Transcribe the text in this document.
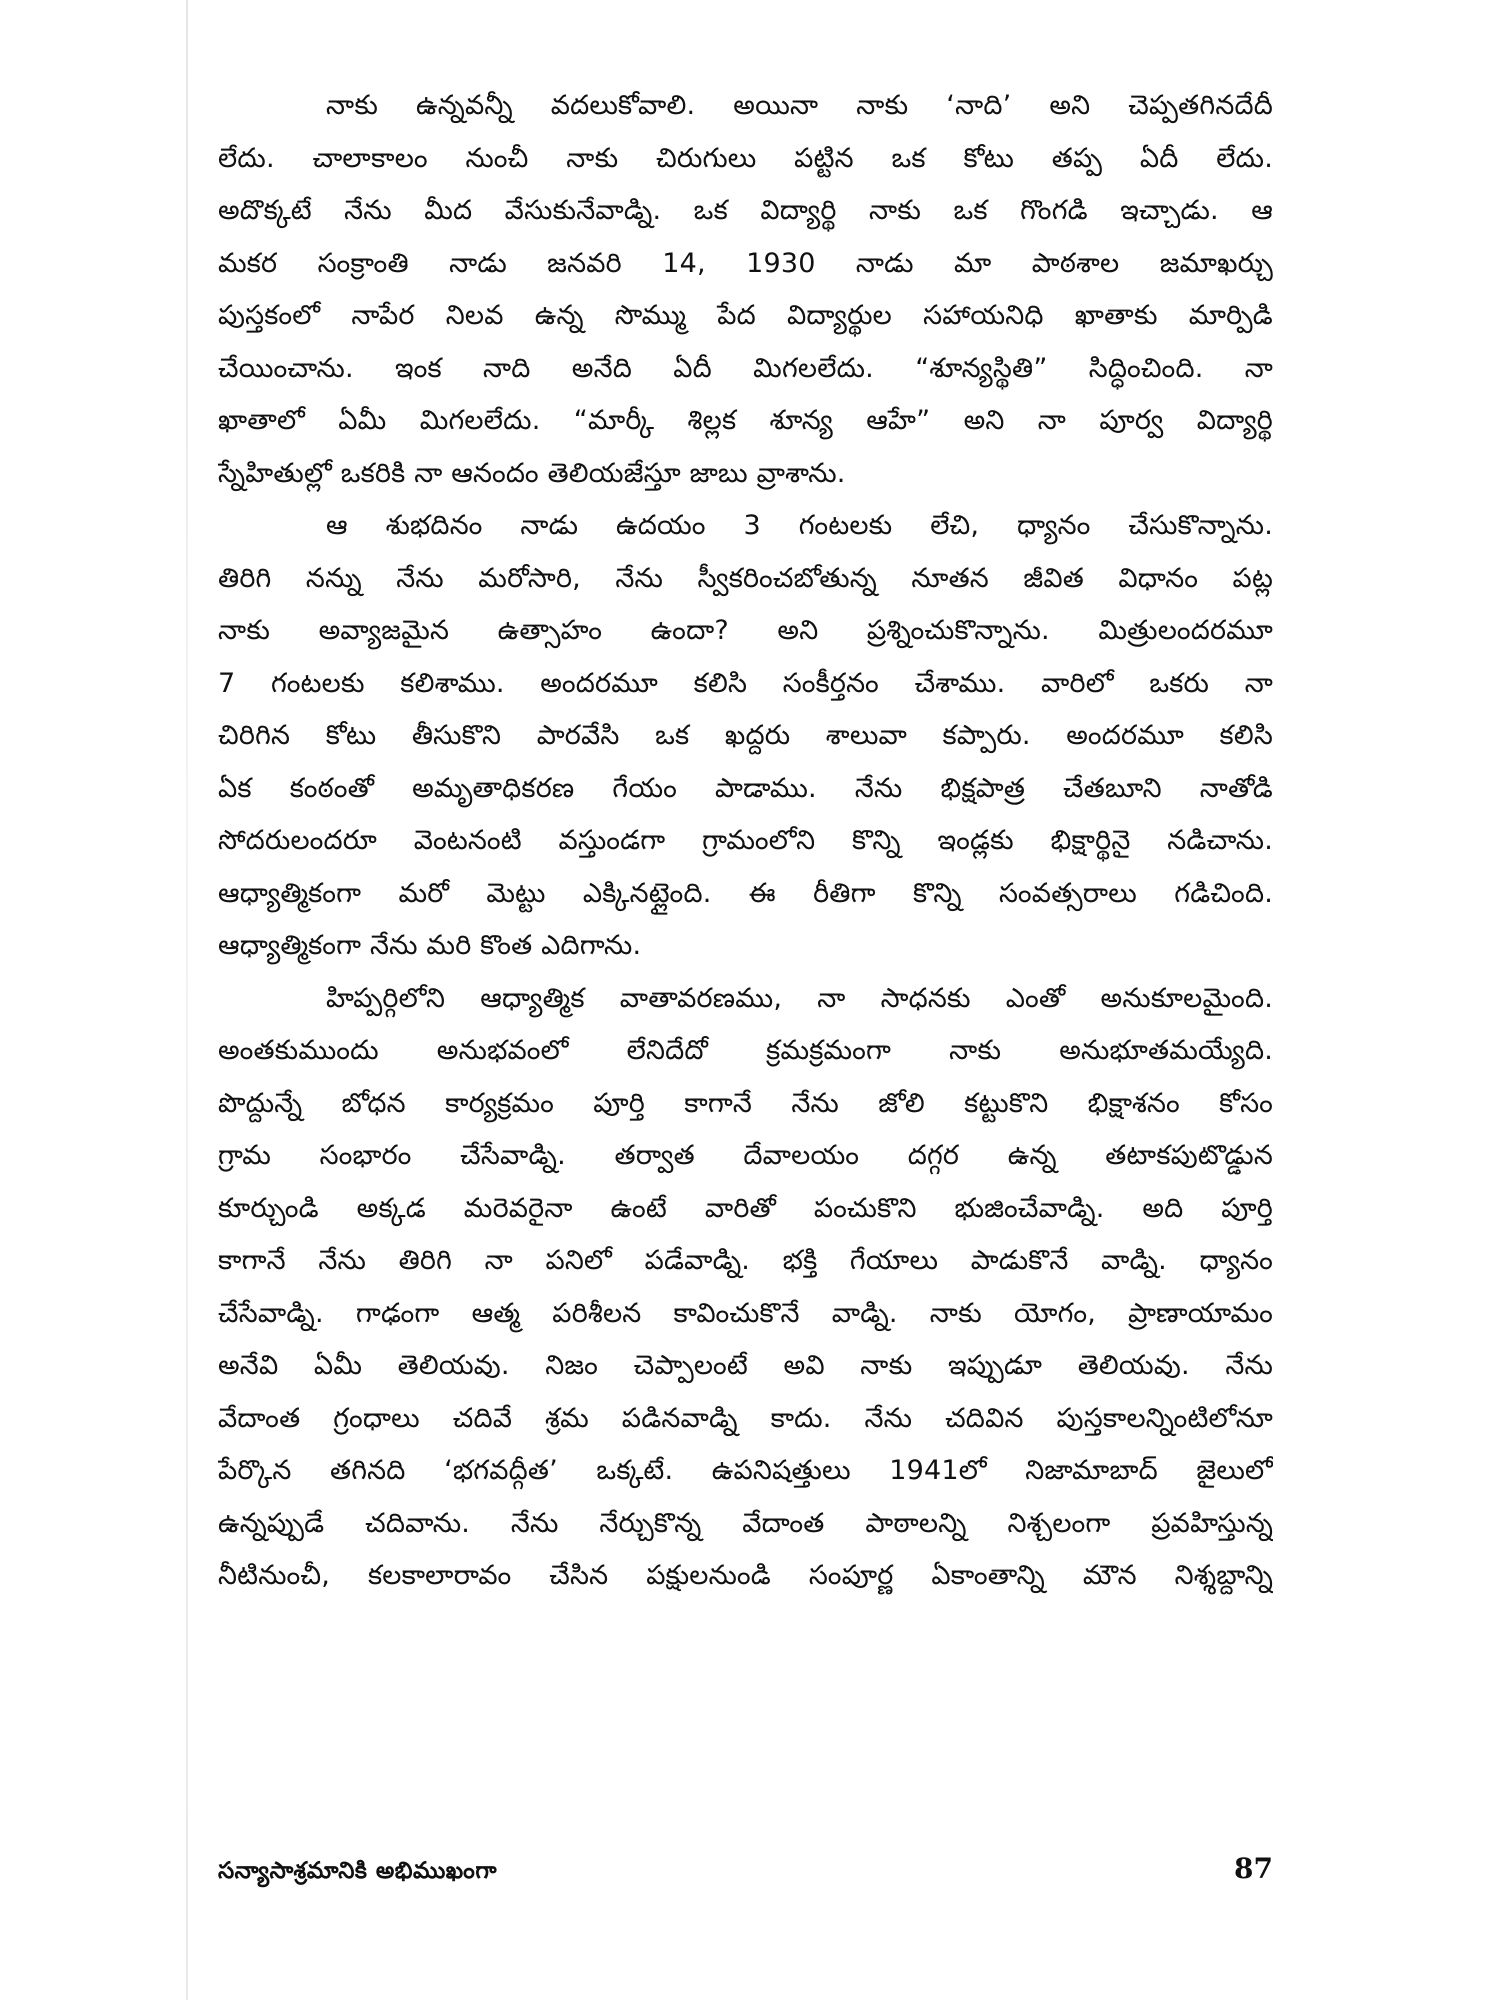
నాకు ఉన్నవన్నీ వదలుకోవాలి. అయినా నాకు ‘నాది’ అని చెప్పతగినదేదీ
లేదు. చాలాకాలం నుంచీ నాకు చిరుగులు పట్టిన ఒక కోటు తప్ప ఏదీ లేదు.
అదొక్కటే నేను మీద వేసుకునేవాడ్ని. ఒక విద్యార్థి నాకు ఒక గొంగడి ఇచ్చాడు. ఆ
మకర సంక్రాంతి నాడు జనవరి 14, 1930 నాడు మా పాఠశాల జమాఖర్చు
పుస్తకంలో నాపేర నిలవ ఉన్న సొమ్ము పేద విద్యార్థుల సహాయనిధి ఖాతాకు మార్పిడి
చేయించాను. ఇంక నాది అనేది ఏదీ మిగలలేదు. “శూన్యస్థితి” సిద్ధించింది. నా
ఖాతాలో ఏమీ మిగలలేదు. “మార్కీ శిల్లక శూన్య ఆహే” అని నా పూర్వ విద్యార్థి
స్నేహితుల్లో ఒకరికి నా ఆనందం తెలియజేస్తూ జాబు వ్రాశాను.

ఆ శుభదినం నాడు ఉదయం 3 గంటలకు లేచి, ధ్యానం చేసుకొన్నాను.
తిరిగి నన్ను నేను మరోసారి, నేను స్వీకరించబోతున్న నూతన జీవిత విధానం పట్ల
నాకు అవ్యాజమైన ఉత్సాహం ఉందా? అని ప్రశ్నించుకొన్నాను. మిత్రులందరమూ
7 గంటలకు కలిశాము. అందరమూ కలిసి సంకీర్తనం చేశాము. వారిలో ఒకరు నా
చిరిగిన కోటు తీసుకొని పారవేసి ఒక ఖద్దరు శాలువా కప్పారు. అందరమూ కలిసి
ఏక కంఠంతో అమృతాధికరణ గేయం పాడాము. నేను భిక్షపాత్ర చేతబూని నాతోడి
సోదరులందరూ వెంటనంటి వస్తుండగా గ్రామంలోని కొన్ని ఇండ్లకు భిక్షార్థినై నడిచాను.
ఆధ్యాత్మికంగా మరో మెట్టు ఎక్కినట్లైంది. ఈ రీతిగా కొన్ని సంవత్సరాలు గడిచింది.
ఆధ్యాత్మికంగా నేను మరి కొంత ఎదిగాను.

హిప్పర్గిలోని ఆధ్యాత్మిక వాతావరణము, నా సాధనకు ఎంతో అనుకూలమైంది.
అంతకుముందు అనుభవంలో లేనిదేదో క్రమక్రమంగా నాకు అనుభూతమయ్యేది.
పొద్దున్నే బోధన కార్యక్రమం పూర్తి కాగానే నేను జోలి కట్టుకొని భిక్షాశనం కోసం
గ్రామ సంభారం చేసేవాడ్ని. తర్వాత దేవాలయం దగ్గర ఉన్న తటాకపుటొడ్డున
కూర్చుండి అక్కడ మరెవరైనా ఉంటే వారితో పంచుకొని భుజించేవాడ్ని. అది పూర్తి
కాగానే నేను తిరిగి నా పనిలో పడేవాడ్ని. భక్తి గేయాలు పాడుకొనే వాడ్ని. ధ్యానం
చేసేవాడ్ని. గాఢంగా ఆత్మ పరిశీలన కావించుకొనే వాడ్ని. నాకు యోగం, ప్రాణాయామం
అనేవి ఏమీ తెలియవు. నిజం చెప్పాలంటే అవి నాకు ఇప్పుడూ తెలియవు. నేను
వేదాంత గ్రంధాలు చదివే శ్రమ పడినవాడ్ని కాదు. నేను చదివిన పుస్తకాలన్నింటిలోనూ
పేర్కొన తగినది ‘భగవద్గీత’ ఒక్కటే. ఉపనిషత్తులు 1941లో నిజామాబాద్ జైలులో
ఉన్నప్పుడే చదివాను. నేను నేర్చుకొన్న వేదాంత పాఠాలన్ని నిశ్చలంగా ప్రవహిస్తున్న
నీటినుంచీ, కలకాలారావం చేసిన పక్షులనుండి సంపూర్ణ ఏకాంతాన్ని మౌన నిశ్శబ్దాన్ని

సన్యాసాశ్రమానికి అభిముఖంగా	87
